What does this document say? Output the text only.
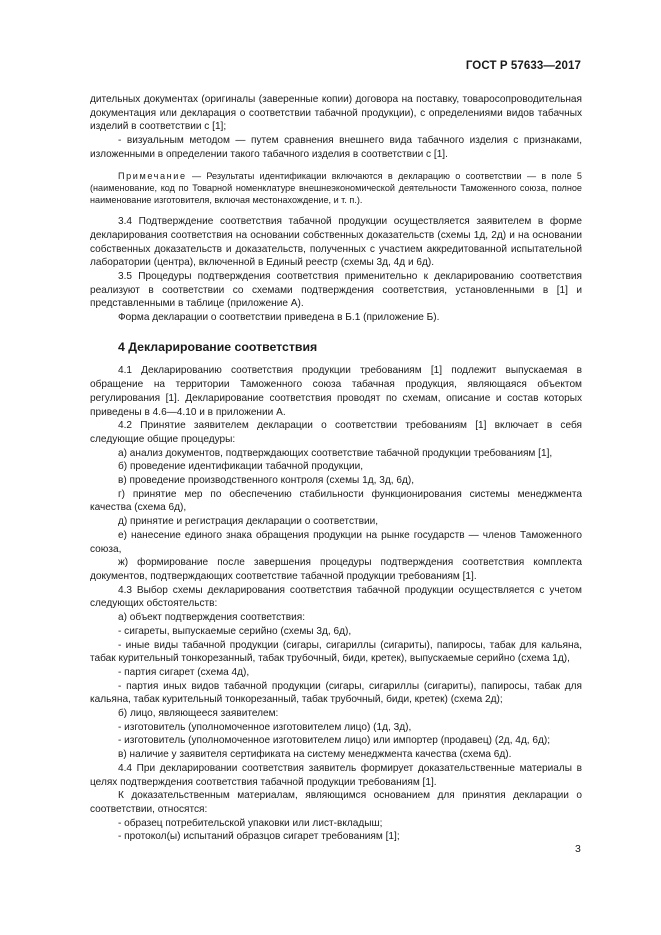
ГОСТ Р 57633—2017

дительных документах (оригиналы (заверенные копии) договора на поставку, товаросопроводительная документация или декларация о соответствии табачной продукции), с определениями видов табачных изделий в соответствии с [1];

- визуальным методом — путем сравнения внешнего вида табачного изделия с признаками, изложенными в определении такого табачного изделия в соответствии с [1].

Примечание — Результаты идентификации включаются в декларацию о соответствии — в поле 5 (наименование, код по Товарной номенклатуре внешнеэкономической деятельности Таможенного союза, полное наименование изготовителя, включая местонахождение, и т. п.).

3.4 Подтверждение соответствия табачной продукции осуществляется заявителем в форме декларирования соответствия на основании собственных доказательств (схемы 1д, 2д) и на основании собственных доказательств и доказательств, полученных с участием аккредитованной испытательной лаборатории (центра), включенной в Единый реестр (схемы 3д, 4д и 6д).

3.5 Процедуры подтверждения соответствия применительно к декларированию соответствия реализуют в соответствии со схемами подтверждения соответствия, установленными в [1] и представленными в таблице (приложение А).

Форма декларации о соответствии приведена в Б.1 (приложение Б).

4 Декларирование соответствия

4.1 Декларированию соответствия продукции требованиям [1] подлежит выпускаемая в обращение на территории Таможенного союза табачная продукция, являющаяся объектом регулирования [1]. Декларирование соответствия проводят по схемам, описание и состав которых приведены в 4.6—4.10 и в приложении А.

4.2 Принятие заявителем декларации о соответствии требованиям [1] включает в себя следующие общие процедуры:

а) анализ документов, подтверждающих соответствие табачной продукции требованиям [1],

б) проведение идентификации табачной продукции,

в) проведение производственного контроля (схемы 1д, 3д, 6д),

г) принятие мер по обеспечению стабильности функционирования системы менеджмента качества (схема 6д),

д) принятие и регистрация декларации о соответствии,

е) нанесение единого знака обращения продукции на рынке государств — членов Таможенного союза,

ж) формирование после завершения процедуры подтверждения соответствия комплекта документов, подтверждающих соответствие табачной продукции требованиям [1].

4.3 Выбор схемы декларирования соответствия табачной продукции осуществляется с учетом следующих обстоятельств:

а) объект подтверждения соответствия:

- сигареты, выпускаемые серийно (схемы 3д, 6д),

- иные виды табачной продукции (сигары, сигариллы (сигариты), папиросы, табак для кальяна, табак курительный тонкорезанный, табак трубочный, биди, кретек), выпускаемые серийно (схема 1д),

- партия сигарет (схема 4д),

- партия иных видов табачной продукции (сигары, сигариллы (сигариты), папиросы, табак для кальяна, табак курительный тонкорезанный, табак трубочный, биди, кретек) (схема 2д);

б) лицо, являющееся заявителем:

- изготовитель (уполномоченное изготовителем лицо) (1д, 3д),

- изготовитель (уполномоченное изготовителем лицо) или импортер (продавец) (2д, 4д, 6д);

в) наличие у заявителя сертификата на систему менеджмента качества (схема 6д).

4.4 При декларировании соответствия заявитель формирует доказательственные материалы в целях подтверждения соответствия табачной продукции требованиям [1].

К доказательственным материалам, являющимся основанием для принятия декларации о соответствии, относятся:

- образец потребительской упаковки или лист-вкладыш;

- протокол(ы) испытаний образцов сигарет требованиям [1];

3
